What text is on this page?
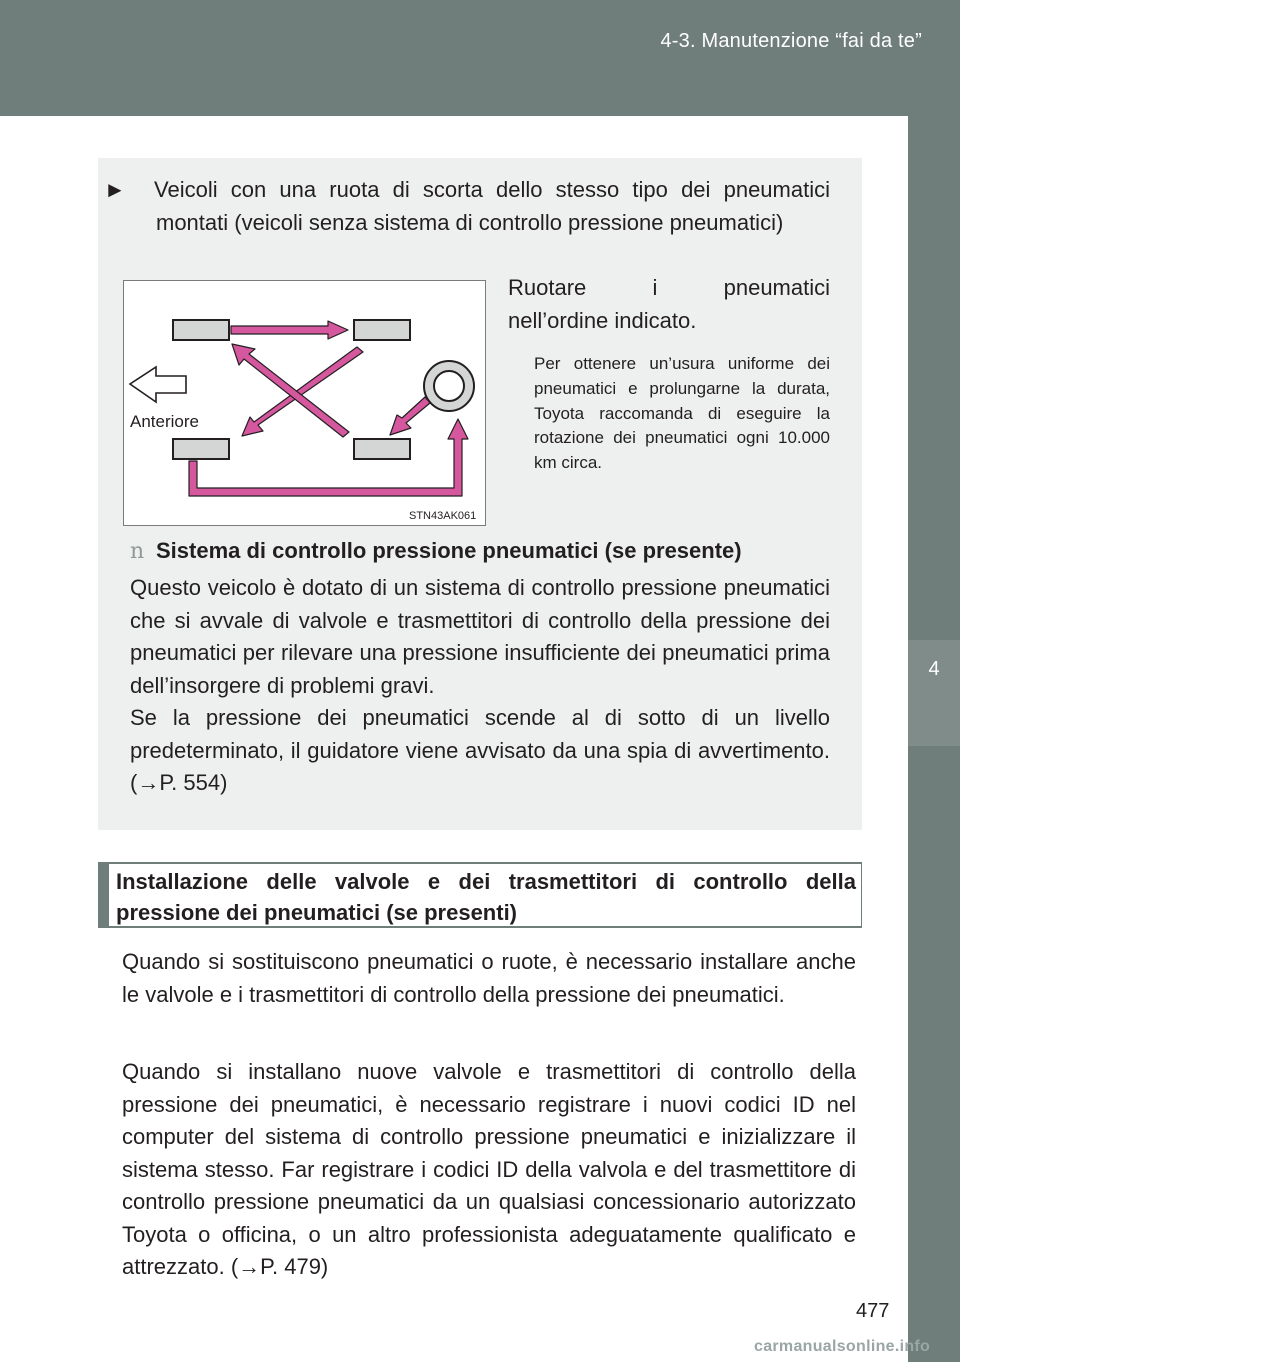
4-3. Manutenzione “fai da te”
4
Manutenzione e cura del veicolo
► Veicoli con una ruota di scorta dello stesso tipo dei pneumatici montati (veicoli senza sistema di controllo pressione pneumatici)
Anteriore
STN43AK061
Ruotare	i	pneumatici
nell’ordine indicato.
Per ottenere un’usura uniforme dei pneumatici e prolungarne la durata, Toyota raccomanda di eseguire la rotazione dei pneumatici ogni 10.000 km circa.
n Sistema di controllo pressione pneumatici (se presente)
Questo veicolo è dotato di un sistema di controllo pressione pneumatici che si avvale di valvole e trasmettitori di controllo della pressione dei pneumatici per rilevare una pressione insufficiente dei pneumatici prima dell’insorgere di problemi gravi.
Se la pressione dei pneumatici scende al di sotto di un livello predeterminato, il guidatore viene avvisato da una spia di avvertimento. (→P. 554)
Installazione delle valvole e dei trasmettitori di controllo della pressione dei pneumatici (se presenti)
Quando si sostituiscono pneumatici o ruote, è necessario installare anche le valvole e i trasmettitori di controllo della pressione dei pneumatici.
Quando si installano nuove valvole e trasmettitori di controllo della pressione dei pneumatici, è necessario registrare i nuovi codici ID nel computer del sistema di controllo pressione pneumatici e inizializzare il sistema stesso. Far registrare i codici ID della valvola e del trasmettitore di controllo pressione pneumatici da un qualsiasi concessionario autorizzato Toyota o officina, o un altro professionista adeguatamente qualificato e attrezzato. (→P. 479)
477
carmanualsonline.info
